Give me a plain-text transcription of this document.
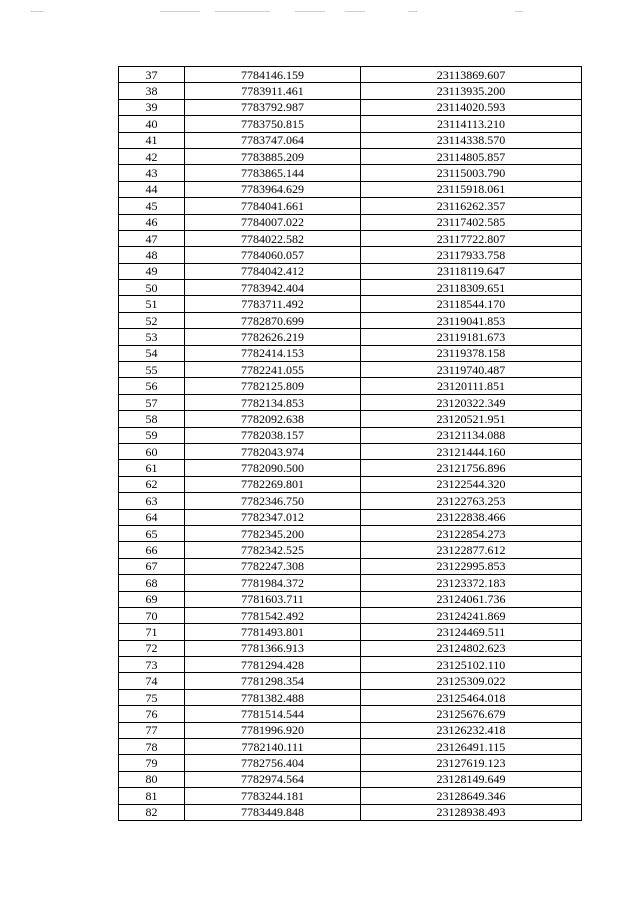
37	7784146.159	23113869.607
38	7783911.461	23113935.200
39	7783792.987	23114020.593
40	7783750.815	23114113.210
41	7783747.064	23114338.570
42	7783885.209	23114805.857
43	7783865.144	23115003.790
44	7783964.629	23115918.061
45	7784041.661	23116262.357
46	7784007.022	23117402.585
47	7784022.582	23117722.807
48	7784060.057	23117933.758
49	7784042.412	23118119.647
50	7783942.404	23118309.651
51	7783711.492	23118544.170
52	7782870.699	23119041.853
53	7782626.219	23119181.673
54	7782414.153	23119378.158
55	7782241.055	23119740.487
56	7782125.809	23120111.851
57	7782134.853	23120322.349
58	7782092.638	23120521.951
59	7782038.157	23121134.088
60	7782043.974	23121444.160
61	7782090.500	23121756.896
62	7782269.801	23122544.320
63	7782346.750	23122763.253
64	7782347.012	23122838.466
65	7782345.200	23122854.273
66	7782342.525	23122877.612
67	7782247.308	23122995.853
68	7781984.372	23123372.183
69	7781603.711	23124061.736
70	7781542.492	23124241.869
71	7781493.801	23124469.511
72	7781366.913	23124802.623
73	7781294.428	23125102.110
74	7781298.354	23125309.022
75	7781382.488	23125464.018
76	7781514.544	23125676.679
77	7781996.920	23126232.418
78	7782140.111	23126491.115
79	7782756.404	23127619.123
80	7782974.564	23128149.649
81	7783244.181	23128649.346
82	7783449.848	23128938.493
